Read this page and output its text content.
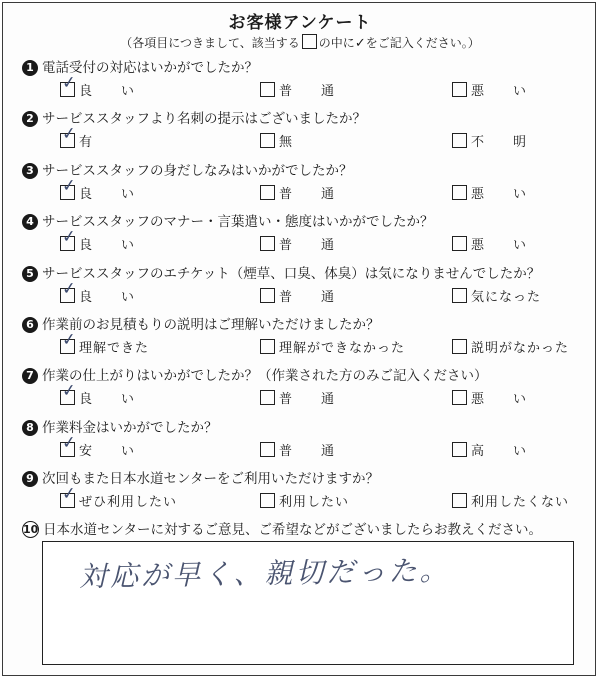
お客様アンケート
（各項目につきまして、該当する の中に✓をご記入ください。）
1 電話受付の対応はいかがでしたか？
✓ 良　　い	普　　通	悪　　い
2 サービススタッフより名刺の提示はございましたか？
✓ 有	無	不　　明
3 サービススタッフの身だしなみはいかがでしたか？
✓ 良　　い	普　　通	悪　　い
4 サービススタッフのマナー・言葉遣い・態度はいかがでしたか？
✓ 良　　い	普　　通	悪　　い
5 サービススタッフのエチケット（煙草、口臭、体臭）は気になりませんでしたか？
✓ 良　　い	普　　通	気になった
6 作業前のお見積もりの説明はご理解いただけましたか？
✓ 理解できた	理解ができなかった	説明がなかった
7 作業の仕上がりはいかがでしたか？（作業された方のみご記入ください）
✓ 良　　い	普　　通	悪　　い
8 作業料金はいかがでしたか？
✓ 安　　い	普　　通	高　　い
9 次回もまた日本水道センターをご利用いただけますか？
✓ ぜひ利用したい	利用したい	利用したくない
10 日本水道センターに対するご意見、ご希望などがございましたらお教えください。
対応が早く、親切だった。
